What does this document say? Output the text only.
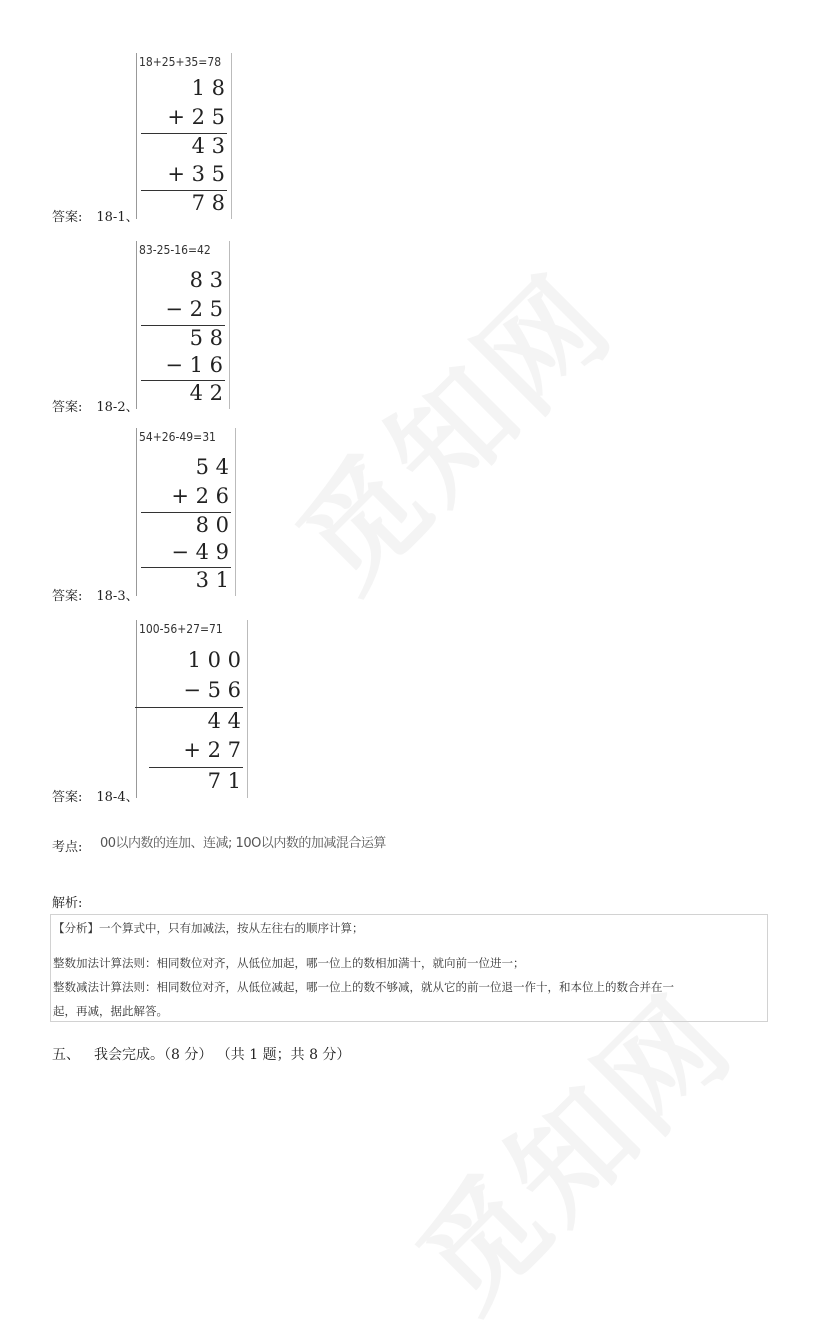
答案: 18-1、
18+25+35=78
1 8
+ 2 5
4 3
+ 3 5
7 8
答案: 18-2、
83-25-16=42
8 3
− 2 5
5 8
− 1 6
4 2
答案: 18-3、
54+26-49=31
5 4
+ 2 6
8 0
− 4 9
3 1
答案: 18-4、
100-56+27=71
1 0 0
− 5 6
4 4
+ 2 7
7 1
考点: 00以内数的连加、连减; 10O以内数的加减混合运算
解析:

【分析】一个算式中，只有加减法，按从左往右的顺序计算；

整数加法计算法则：相同数位对齐，从低位加起，哪一位上的数相加满十，就向前一位进一；

整数减法计算法则：相同数位对齐，从低位减起，哪一位上的数不够减，就从它的前一位退一作十，和本位上的数合并在一

起，再减，据此解答。

五、 我会完成。（8 分） （共 1 题；共 8 分）
